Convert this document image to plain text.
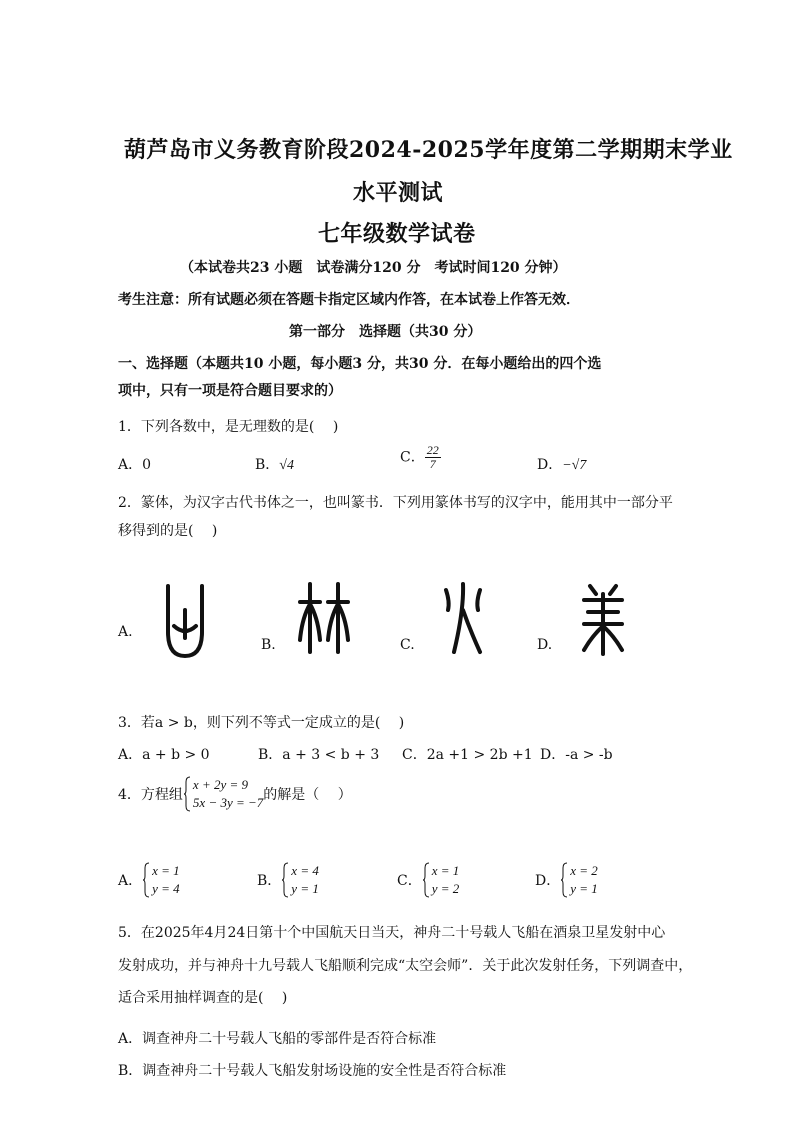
葫芦岛市义务教育阶段2024-2025学年度第二学期期末学业
水平测试
七年级数学试卷
（本试卷共23 小题　试卷满分120 分　考试时间120 分钟）
考生注意：所有试题必须在答题卡指定区域内作答，在本试卷上作答无效．
第一部分　选择题（共30 分）
一、选择题（本题共10 小题，每小题3 分，共30 分．在每小题给出的四个选
项中，只有一项是符合题目要求的）
1．下列各数中，是无理数的是(　 )
A．0	B．√4	C． $\frac{22}{7}$	D．−√7
2．篆体，为汉字古代书体之一，也叫篆书．下列用篆体书写的汉字中，能用其中一部分平
移得到的是(　 )
A.
B.	C.	D.
3．若a > b，则下列不等式一定成立的是(　 )
A．a + b > 0	B．a + 3 < b + 3 C．2a +1 > 2b +1 D．-a > -b
4．方程组
x + 2y = 9
5x − 3y = −7 的解是（　 ）
A．
x = 1
y = 4	B．
x = 4
y = 1	C．
x = 1
y = 2	D．
x = 2
y = 1
5．在2025年4月24日第十个中国航天日当天，神舟二十号载人飞船在酒泉卫星发射中心
发射成功，并与神舟十九号载人飞船顺利完成“太空会师”．关于此次发射任务，下列调查中，
适合采用抽样调查的是(　 )
A．调查神舟二十号载人飞船的零部件是否符合标准
B．调查神舟二十号载人飞船发射场设施的安全性是否符合标准
